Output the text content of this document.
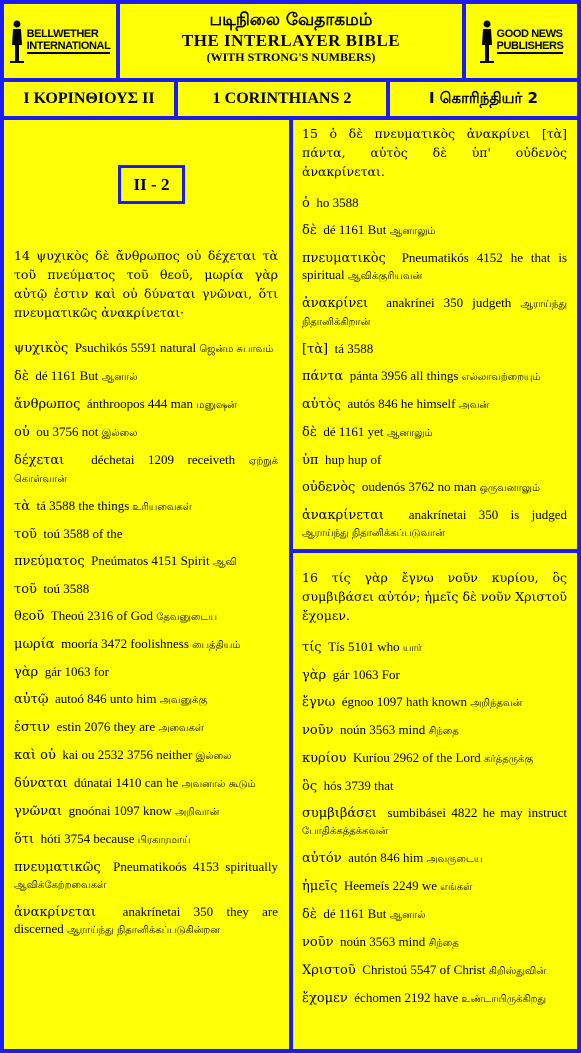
BELLWETHER
INTERNATIONAL
படிநிலை வேதாகமம்
THE INTERLAYER BIBLE
(WITH STRONG'S NUMBERS)
GOOD NEWS
PUBLISHERS
Ι ΚΟΡΙΝΘΙΟΥΣ ΙΙ	1 CORINTHIANS 2	I கொரிந்தியர் 2
II - 2
14 ψυχικὸς δὲ ἄνθρωπος οὐ δέχεται τὰ τοῦ πνεύματος τοῦ θεοῦ, μωρία γὰρ αὐτῷ ἐστιν καὶ οὐ δύναται γνῶναι, ὅτι πνευματικῶς ἀνακρίνεται·
ψυχικὸς Psuchikós 5591 natural ஜென்ம சுபாவம்
δὲ dé 1161 But ஆனால்
ἄνθρωπος ánthroopos 444 man மனுஷன்
οὐ ou 3756 not இல்லை
δέχεται déchetai 1209 receiveth ஏற்றுக் கொள்வான்
τὰ tá 3588 the things உரியவைகள்
τοῦ toú 3588 of the
πνεύματος Pneúmatos 4151 Spirit ஆவி
τοῦ toú 3588
θεοῦ Theoú 2316 of God தேவனுடைய
μωρία mooría 3472 foolishness பைத்தியம்
γὰρ gár 1063 for
αὐτῷ autoó 846 unto him அவனுக்கு
ἐστιν estin 2076 they are அவைகள்
καὶ οὐ kai ou 2532 3756 neither இல்லை
δύναται dúnatai 1410 can he அவனால் கூடும்
γνῶναι gnoónai 1097 know அறிவான்
ὅτι hóti 3754 because பிரகாரமாய்
πνευματικῶς Pneumatikoós 4153 spiritually ஆவிக்கேற்றவைகள்
ἀνακρίνεται anakrínetai 350 they are discerned ஆராய்ந்து நிதானிக்கப்படுகின்றன
15 ὁ δὲ πνευματικὸς ἀνακρίνει [τὰ] πάντα, αὐτὸς δὲ ὑπ' οὐδενὸς ἀνακρίνεται.
ὁ ho 3588
δὲ dé 1161 But ஆனாலும்
πνευματικὸς Pneumatikós 4152 he that is spiritual ஆவிக்குரியவன்
ἀνακρίνει anakrínei 350 judgeth ஆராய்ந்து நிதானிக்கிறான்
[τὰ] tá 3588
πάντα pánta 3956 all things எல்லாவற்றையும்
αὐτὸς autós 846 he himself அவன்
δὲ dé 1161 yet ஆனாலும்
ὑπ hup hup of
οὐδενὸς oudenós 3762 no man ஒருவனாலும்
ἀνακρίνεται anakrínetai 350 is judged ஆராய்ந்து நிதானிக்கப்படுவான்
16 τίς γὰρ ἔγνω νοῦν κυρίου, ὃς συμβιβάσει αὐτόν; ἡμεῖς δὲ νοῦν Χριστοῦ ἔχομεν.
τίς Tís 5101 who யார்
γὰρ gár 1063 For
ἔγνω égnoo 1097 hath known அறிந்தவன்
νοῦν noún 3563 mind சிந்தை
κυρίου Kuríou 2962 of the Lord கர்த்தருக்கு
ὃς hós 3739 that
συμβιβάσει sumbibásei 4822 he may instruct போதிக்கத்தக்கவன்
αὐτόν autón 846 him அவருடைய
ἡμεῖς Heemeís 2249 we எங்கள்
δὲ dé 1161 But ஆனால்
νοῦν noún 3563 mind சிந்தை
Χριστοῦ Christoú 5547 of Christ கிறிஸ்துவின்
ἔχομεν échomen 2192 have உண்டாயிருக்கிறது
